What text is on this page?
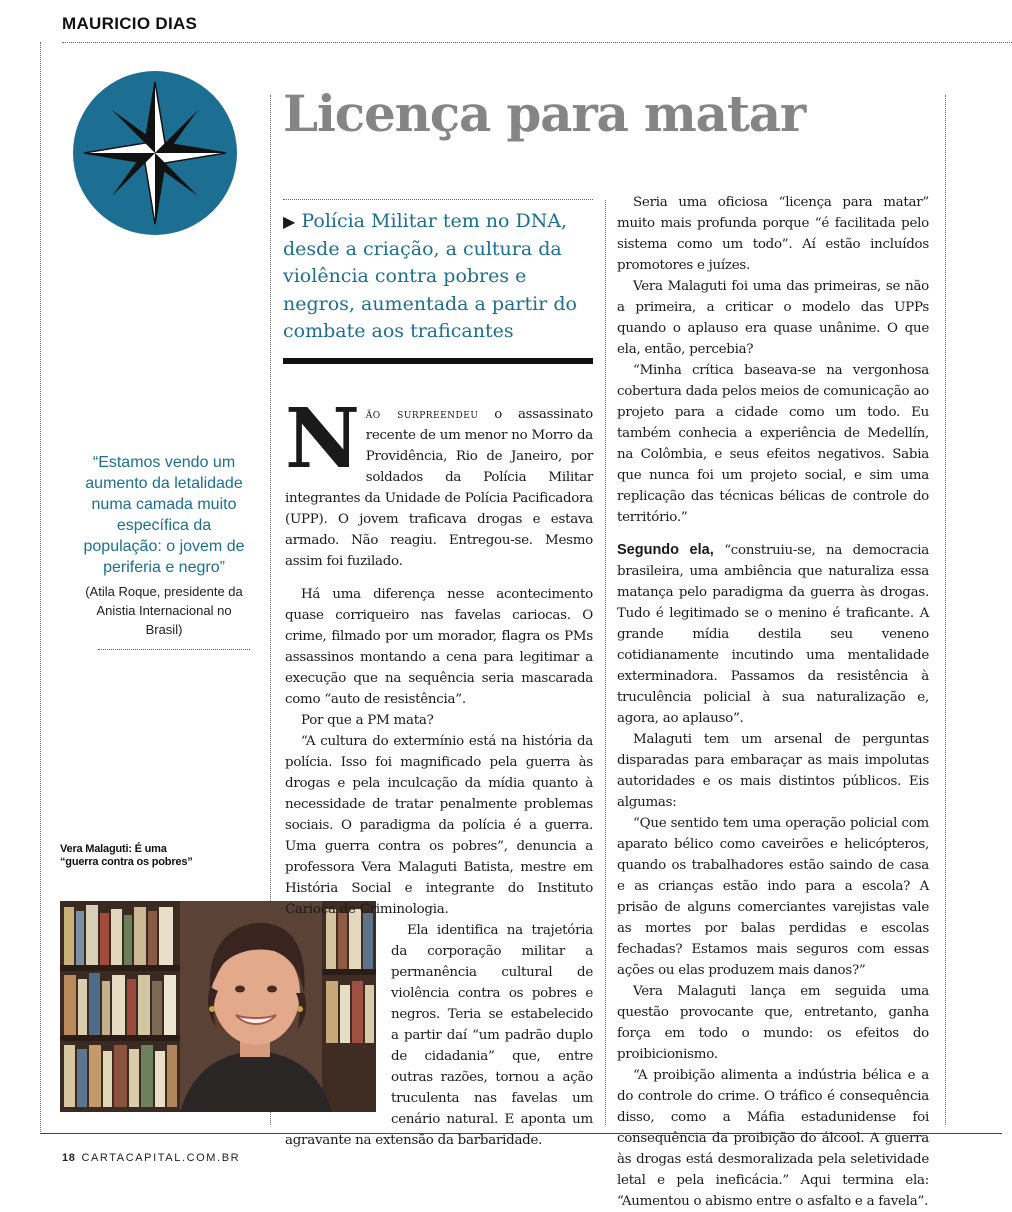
MAURICIO DIAS
Licença para matar
▶ Polícia Militar tem no DNA, desde a criação, a cultura da violência contra pobres e negros, aumentada a partir do combate aos traficantes
“Estamos vendo um aumento da letalidade numa camada muito específica da população: o jovem de periferia e negro”
(Atila Roque, presidente da Anistia Internacional no Brasil)
Vera Malaguti: É uma “guerra contra os pobres”

Não surpreendeu o assassinato recente de um menor no Morro da Providência, Rio de Janeiro, por soldados da Polícia Militar integrantes da Unidade de Polícia Pacificadora (UPP). O jovem traficava drogas e estava armado. Não reagiu. Entregou-se. Mesmo assim foi fuzilado.

Há uma diferença nesse acontecimento quase corriqueiro nas favelas cariocas. O crime, filmado por um morador, flagra os PMs assassinos montando a cena para legitimar a execução que na sequência seria mascarada como “auto de resistência”.

Por que a PM mata?

“A cultura do extermínio está na história da polícia. Isso foi magnificado pela guerra às drogas e pela inculcação da mídia quanto à necessidade de tratar penalmente problemas sociais. O paradigma da polícia é a guerra. Uma guerra contra os pobres”, denuncia a professora Vera Malaguti Batista, mestre em História Social e integrante do Instituto Carioca de Criminologia.

Ela identifica na trajetória da corporação militar a permanência cultural de violência contra os pobres e negros. Teria se estabelecido a partir daí “um padrão duplo de cidadania” que, entre outras razões, tornou a ação truculenta nas favelas um cenário natural. E aponta um agravante na extensão da barbaridade.

Seria uma oficiosa “licença para matar” muito mais profunda porque “é facilitada pelo sistema como um todo”. Aí estão incluídos promotores e juízes.

Vera Malaguti foi uma das primeiras, se não a primeira, a criticar o modelo das UPPs quando o aplauso era quase unânime. O que ela, então, percebia?

“Minha crítica baseava-se na vergonhosa cobertura dada pelos meios de comunicação ao projeto para a cidade como um todo. Eu também conhecia a experiência de Medellín, na Colômbia, e seus efeitos negativos. Sabia que nunca foi um projeto social, e sim uma replicação das técnicas bélicas de controle do território.”

Segundo ela, “construiu-se, na democracia brasileira, uma ambiência que naturaliza essa matança pelo paradigma da guerra às drogas. Tudo é legitimado se o menino é traficante. A grande mídia destila seu veneno cotidianamente incutindo uma mentalidade exterminadora. Passamos da resistência à truculência policial à sua naturalização e, agora, ao aplauso”.

Malaguti tem um arsenal de perguntas disparadas para embaraçar as mais impolutas autoridades e os mais distintos públicos. Eis algumas:

“Que sentido tem uma operação policial com aparato bélico como caveirões e helicópteros, quando os trabalhadores estão saindo de casa e as crianças estão indo para a escola? A prisão de alguns comerciantes varejistas vale as mortes por balas perdidas e escolas fechadas? Estamos mais seguros com essas ações ou elas produzem mais danos?”

Vera Malaguti lança em seguida uma questão provocante que, entretanto, ganha força em todo o mundo: os efeitos do proibicionismo.

“A proibição alimenta a indústria bélica e a do controle do crime. O tráfico é consequência disso, como a Máfia estadunidense foi consequência da proibição do álcool. A guerra às drogas está desmoralizada pela seletividade letal e pela ineficácia.” Aqui termina ela: “Aumentou o abismo entre o asfalto e a favela”.

18 CARTACAPITAL.COM.BR
